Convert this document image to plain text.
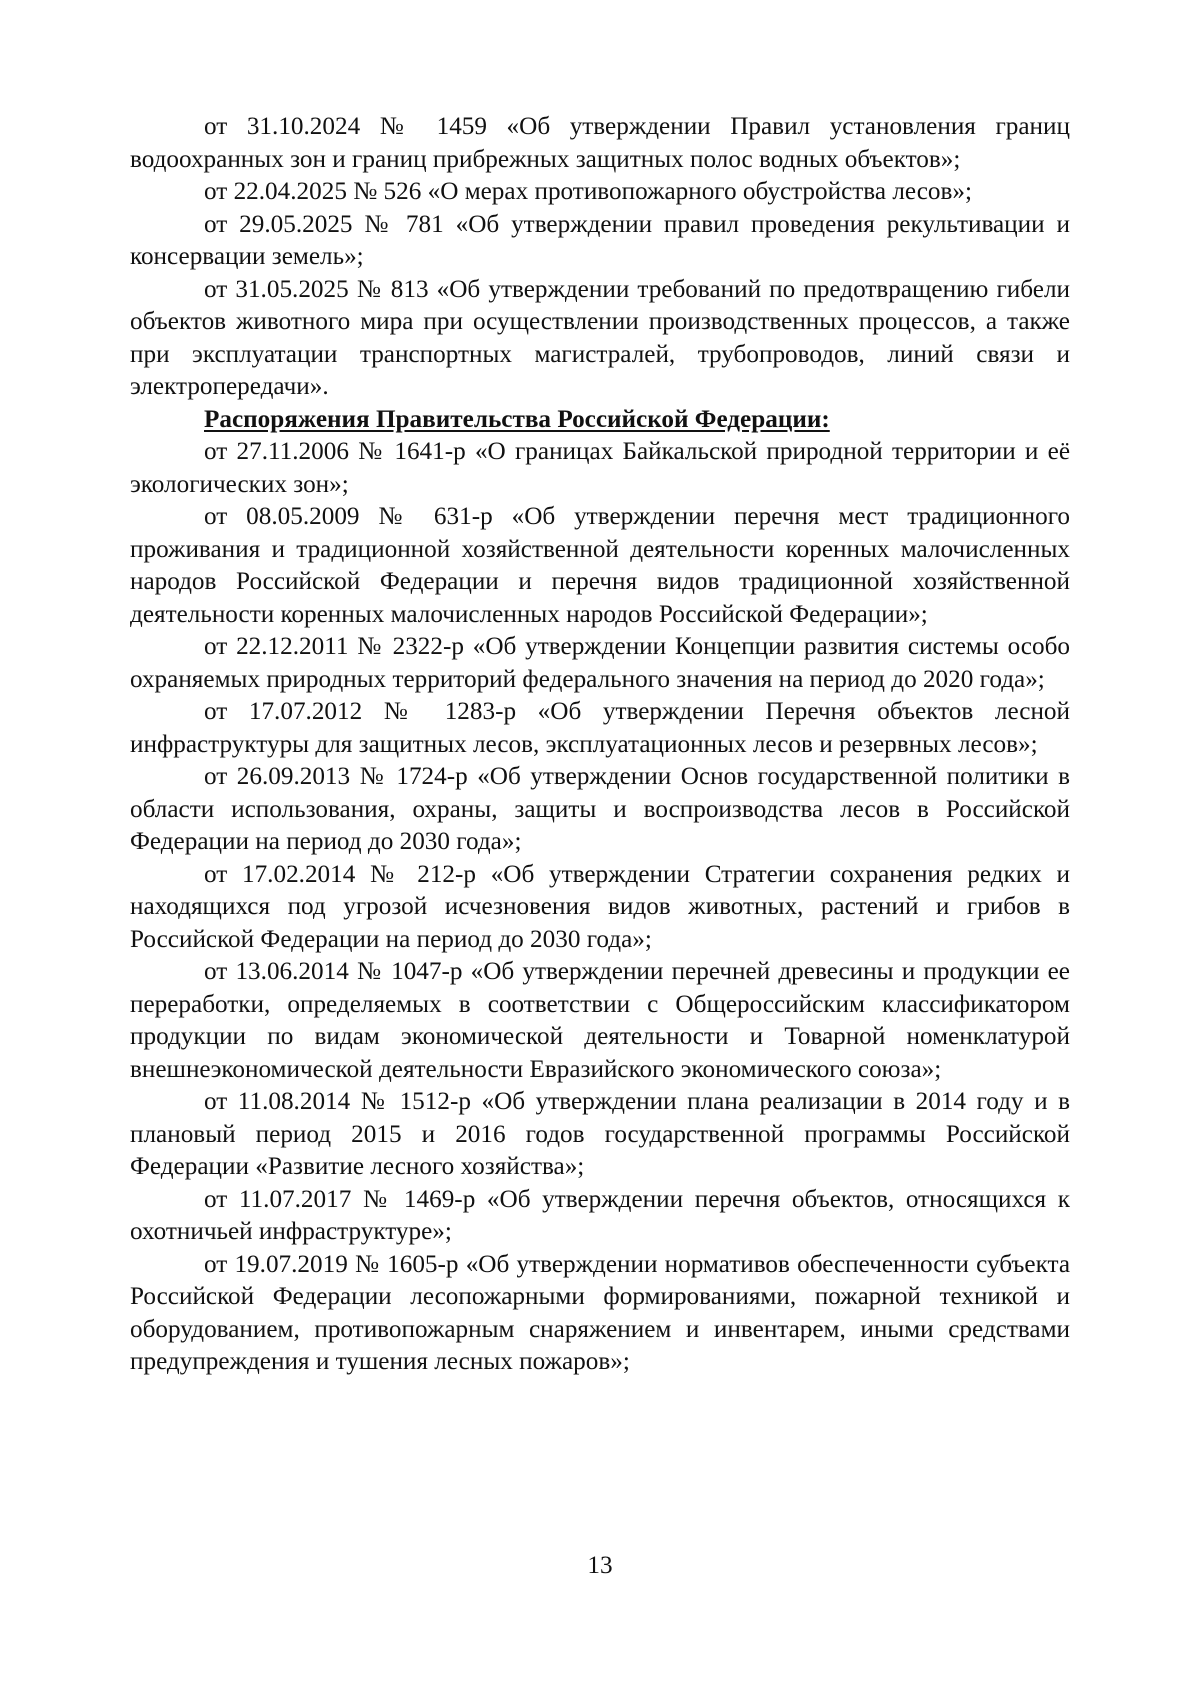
от 31.10.2024 № 1459 «Об утверждении Правил установления границ водоохранных зон и границ прибрежных защитных полос водных объектов»;

от 22.04.2025 № 526 «О мерах противопожарного обустройства лесов»;

от 29.05.2025 № 781 «Об утверждении правил проведения рекультивации и консервации земель»;

от 31.05.2025 № 813 «Об утверждении требований по предотвращению гибели объектов животного мира при осуществлении производственных процессов, а также при эксплуатации транспортных магистралей, трубопроводов, линий связи и электропередачи».

Распоряжения Правительства Российской Федерации:

от 27.11.2006 № 1641-р «О границах Байкальской природной территории и её экологических зон»;

от 08.05.2009 № 631-р «Об утверждении перечня мест традиционного проживания и традиционной хозяйственной деятельности коренных малочисленных народов Российской Федерации и перечня видов традиционной хозяйственной деятельности коренных малочисленных народов Российской Федерации»;

от 22.12.2011 № 2322-р «Об утверждении Концепции развития системы особо охраняемых природных территорий федерального значения на период до 2020 года»;

от 17.07.2012 № 1283-р «Об утверждении Перечня объектов лесной инфраструктуры для защитных лесов, эксплуатационных лесов и резервных лесов»;

от 26.09.2013 № 1724-р «Об утверждении Основ государственной политики в области использования, охраны, защиты и воспроизводства лесов в Российской Федерации на период до 2030 года»;

от 17.02.2014 № 212-р «Об утверждении Стратегии сохранения редких и находящихся под угрозой исчезновения видов животных, растений и грибов в Российской Федерации на период до 2030 года»;

от 13.06.2014 № 1047-р «Об утверждении перечней древесины и продукции ее переработки, определяемых в соответствии с Общероссийским классификатором продукции по видам экономической деятельности и Товарной номенклатурой внешнеэкономической деятельности Евразийского экономического союза»;

от 11.08.2014 № 1512-р «Об утверждении плана реализации в 2014 году и в плановый период 2015 и 2016 годов государственной программы Российской Федерации «Развитие лесного хозяйства»;

от 11.07.2017 № 1469-р «Об утверждении перечня объектов, относящихся к охотничьей инфраструктуре»;

от 19.07.2019 № 1605-р «Об утверждении нормативов обеспеченности субъекта Российской Федерации лесопожарными формированиями, пожарной техникой и оборудованием, противопожарным снаряжением и инвентарем, иными средствами предупреждения и тушения лесных пожаров»;

13
